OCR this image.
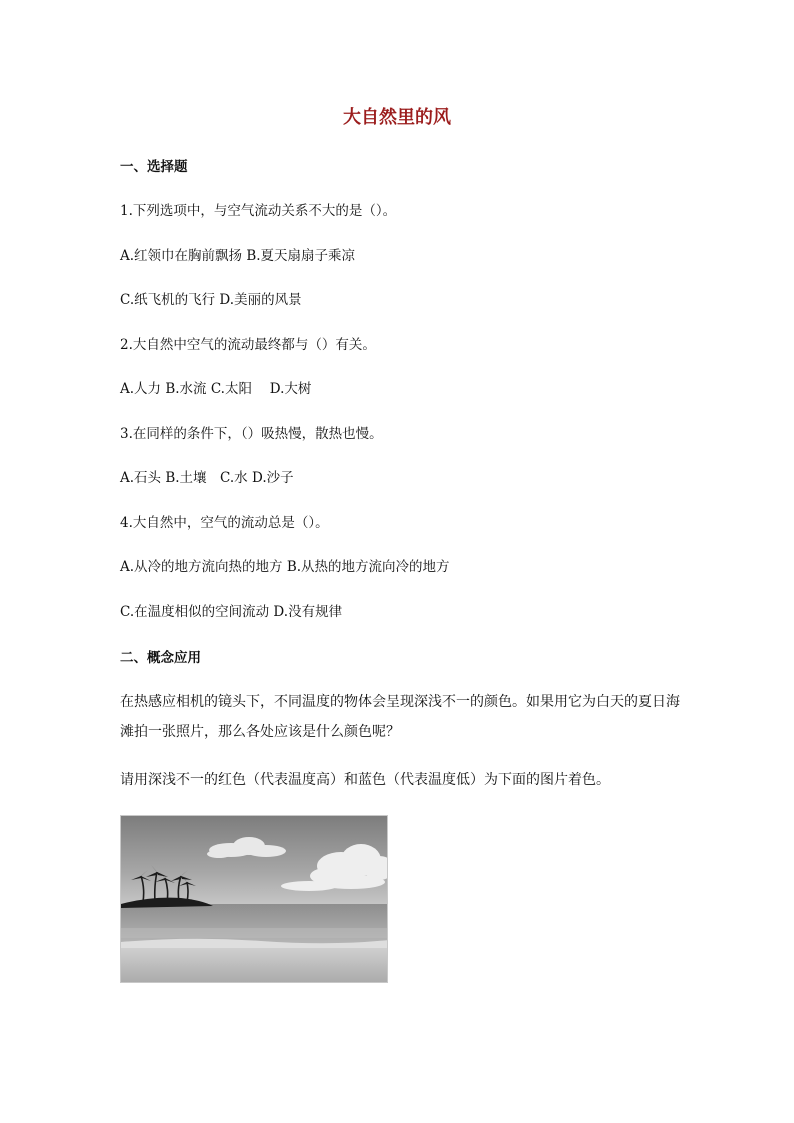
大自然里的风
一、选择题
1.下列选项中，与空气流动关系不大的是（）。
A.红领巾在胸前飘扬 B.夏天扇扇子乘凉
C.纸飞机的飞行 D.美丽的风景
2.大自然中空气的流动最终都与（）有关。
A.人力 B.水流 C.太阳　 D.大树
3.在同样的条件下，（）吸热慢，散热也慢。
A.石头 B.土壤　C.水 D.沙子
4.大自然中，空气的流动总是（）。
A.从冷的地方流向热的地方 B.从热的地方流向冷的地方
C.在温度相似的空间流动 D.没有规律
二、概念应用
在热感应相机的镜头下，不同温度的物体会呈现深浅不一的颜色。如果用它为白天的夏日海滩拍一张照片，那么各处应该是什么颜色呢？
请用深浅不一的红色（代表温度高）和蓝色（代表温度低）为下面的图片着色。
